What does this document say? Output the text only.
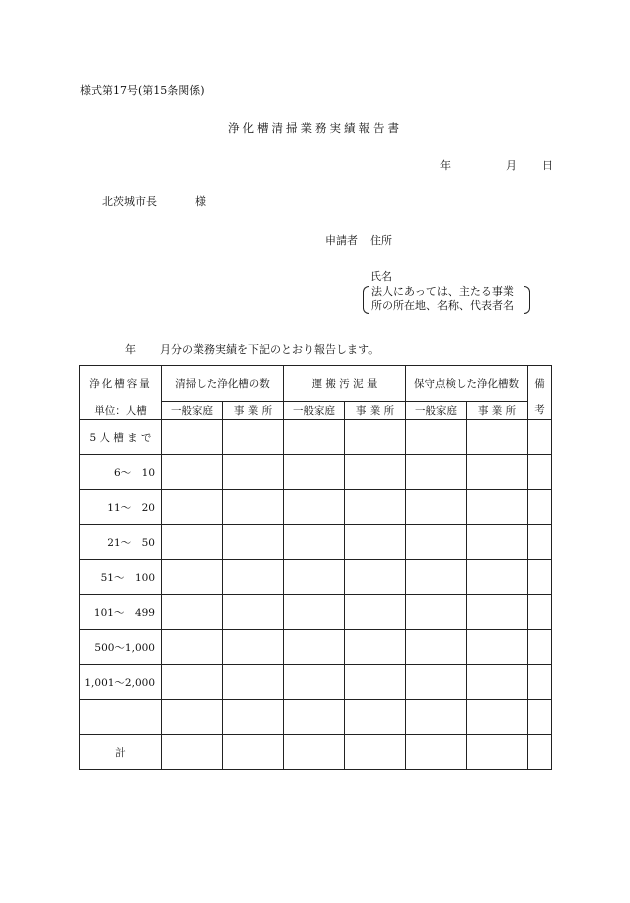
様式第17号(第15条関係)
浄化槽清掃業務実績報告書
年	月 日
北茨城市長	様
申請者 住所
氏名
法人にあっては、主たる事業
所の所在地、名称、代表者名
年 月分の業務実績を下記のとおり報告します。
浄化槽容量	清掃した浄化槽の数		運 搬 汚 泥 量		保守点検した浄化槽数		備
単位：人槽	一般家庭	事 業 所	一般家庭	事 業 所	一般家庭	事 業 所	考
5 人 槽 ま で							
6〜　10							
11〜　20							
21〜　50							
51〜　100							
101〜　499							
500〜1,000							
1,001〜2,000							

計							
